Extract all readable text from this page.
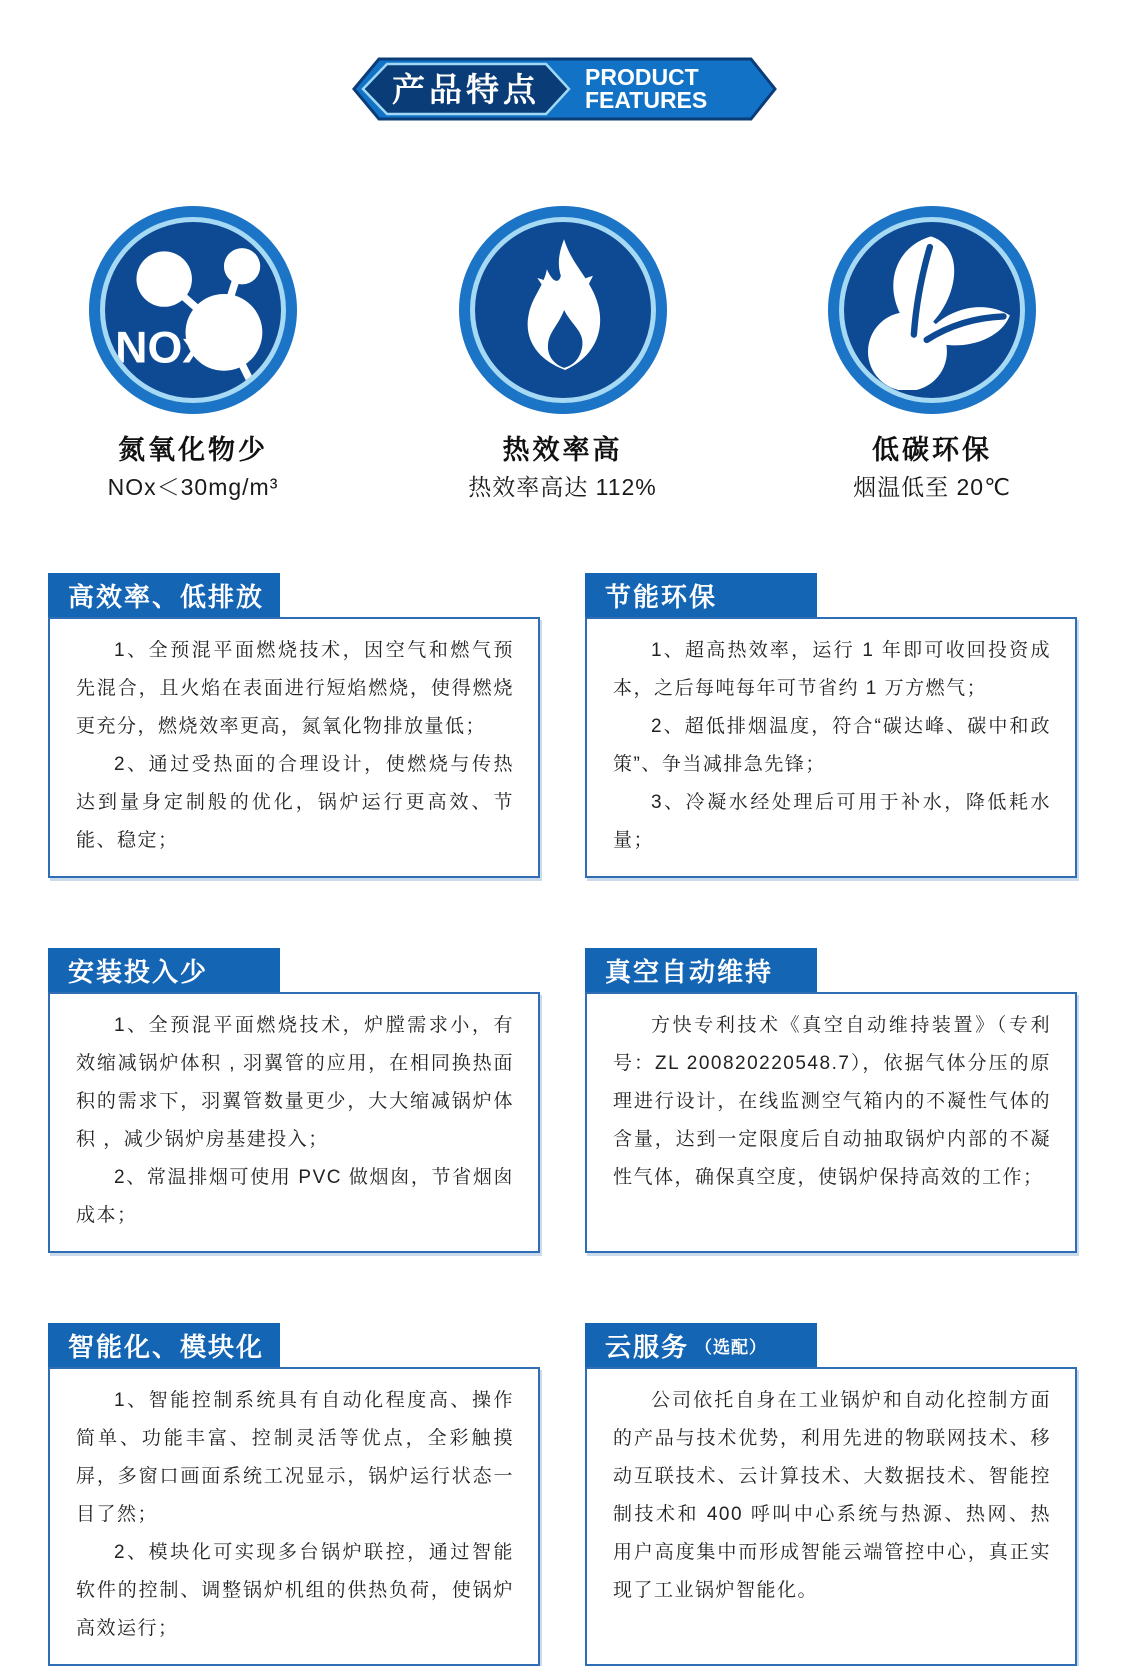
产品特点 PRODUCT
FEATURES
NOx
氮氧化物少
NOx＜30mg/m³
热效率高
热效率高达 112%
低碳环保
烟温低至 20℃
高效率、低排放

1、全预混平面燃烧技术，因空气和燃气预先混合，且火焰在表面进行短焰燃烧，使得燃烧更充分，燃烧效率更高，氮氧化物排放量低；

2、通过受热面的合理设计，使燃烧与传热达到量身定制般的优化，锅炉运行更高效、节能、稳定；

节能环保

1、超高热效率，运行 1 年即可收回投资成本，之后每吨每年可节省约 1 万方燃气；

2、超低排烟温度，符合“碳达峰、碳中和政策”、争当减排急先锋；

3、冷凝水经处理后可用于补水，降低耗水量；

安装投入少

1、全预混平面燃烧技术，炉膛需求小，有效缩减锅炉体积 , 羽翼管的应用，在相同换热面积的需求下，羽翼管数量更少，大大缩减锅炉体积 ，减少锅炉房基建投入；

2、常温排烟可使用 PVC 做烟囱，节省烟囱成本；

真空自动维持

方快专利技术《真空自动维持装置》（专利号：ZL 200820220548.7），依据气体分压的原理进行设计，在线监测空气箱内的不凝性气体的含量，达到一定限度后自动抽取锅炉内部的不凝性气体，确保真空度，使锅炉保持高效的工作；

智能化、模块化

1、智能控制系统具有自动化程度高、操作简单、功能丰富、控制灵活等优点，全彩触摸屏，多窗口画面系统工况显示，锅炉运行状态一目了然；

2、模块化可实现多台锅炉联控，通过智能软件的控制、调整锅炉机组的供热负荷，使锅炉高效运行；

云服务 （选配）

公司依托自身在工业锅炉和自动化控制方面的产品与技术优势，利用先进的物联网技术、移动互联技术、云计算技术、大数据技术、智能控制技术和 400 呼叫中心系统与热源、热网、热用户高度集中而形成智能云端管控中心，真正实现了工业锅炉智能化。
